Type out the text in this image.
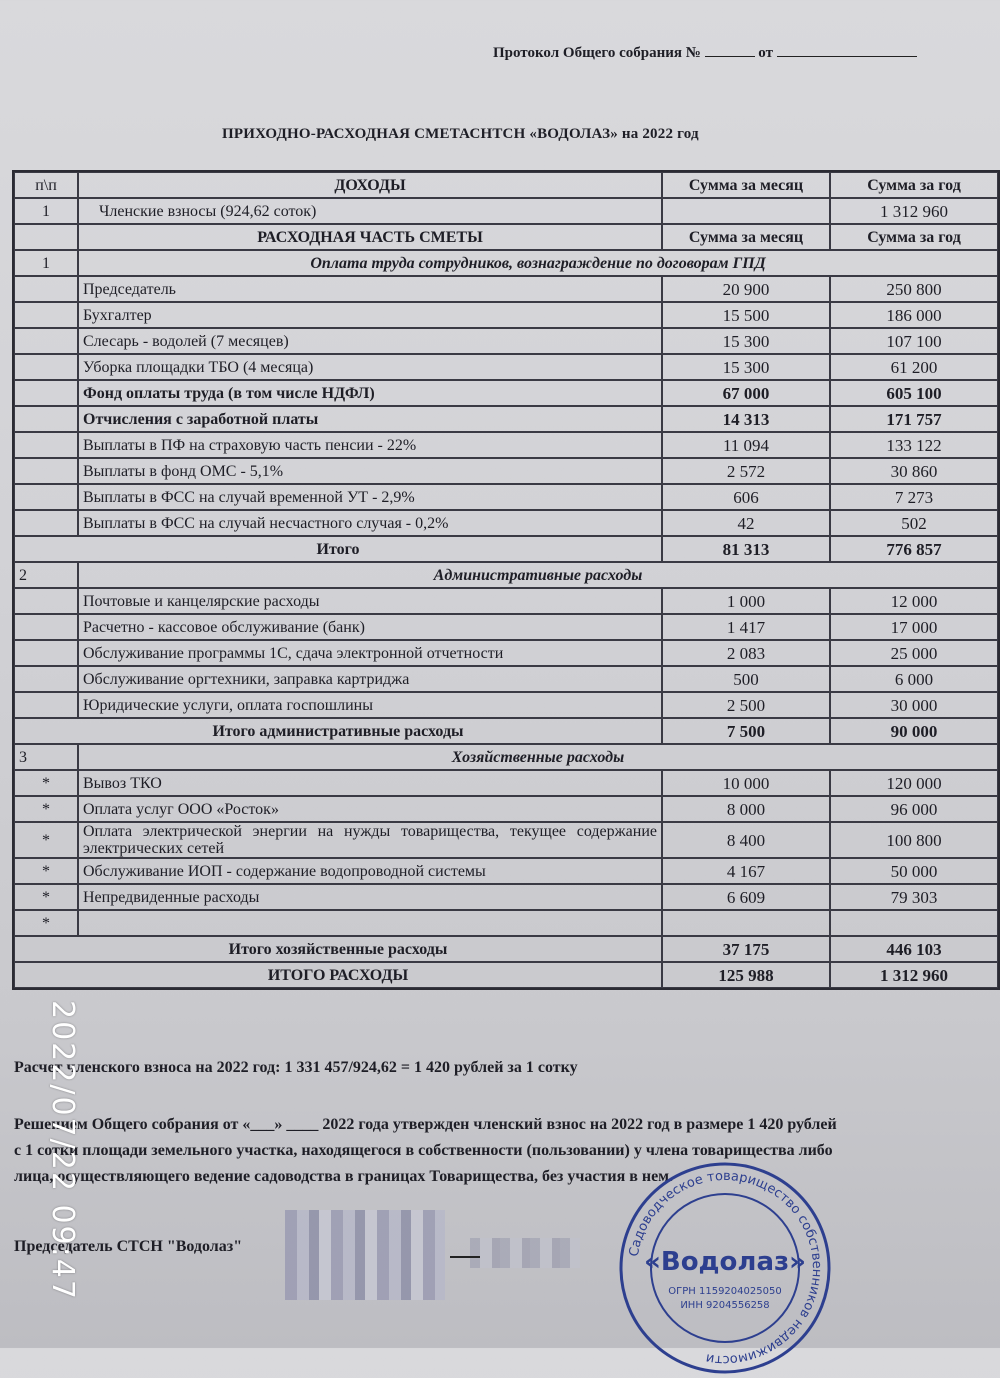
Протокол Общего собрания №	от
ПРИХОДНО-РАСХОДНАЯ СМЕТАСНТСН «ВОДОЛАЗ» на 2022 год
п\п	ДОХОДЫ	Сумма за месяц	Сумма за год
1	Членские взносы (924,62 соток)		1 312 960
	РАСХОДНАЯ ЧАСТЬ СМЕТЫ	Сумма за месяц	Сумма за год
1	Оплата труда сотрудников, вознаграждение по договорам ГПД		
	Председатель	20 900	250 800
	Бухгалтер	15 500	186 000
	Слесарь - водолей (7 месяцев)	15 300	107 100
	Уборка площадки ТБО (4 месяца)	15 300	61 200
	Фонд оплаты труда (в том числе НДФЛ)	67 000	605 100
	Отчисления с заработной платы	14 313	171 757
	Выплаты в ПФ на страховую часть пенсии - 22%	11 094	133 122
	Выплаты в фонд ОМС - 5,1%	2 572	30 860
	Выплаты в ФСС на случай временной УТ - 2,9%	606	7 273
	Выплаты в ФСС на случай несчастного случая - 0,2%	42	502
Итого		81 313	776 857
2	Административные расходы		
	Почтовые и канцелярские расходы	1 000	12 000
	Расчетно - кассовое обслуживание (банк)	1 417	17 000
	Обслуживание программы 1С, сдача электронной отчетности	2 083	25 000
	Обслуживание оргтехники, заправка картриджа	500	6 000
	Юридические услуги, оплата госпошлины	2 500	30 000
Итого административные расходы		7 500	90 000
3	Хозяйственные расходы		
*	Вывоз ТКО	10 000	120 000
*	Оплата услуг ООО «Росток»	8 000	96 000
*	Оплата электрической энергии на нужды товарищества, текущее содержание электрических сетей	8 400	100 800
*	Обслуживание ИОП - содержание водопроводной системы	4 167	50 000
*	Непредвиденные расходы	6 609	79 303
*			
Итого хозяйственные расходы		37 175	446 103
ИТОГО РАСХОДЫ		125 988	1 312 960
Расчет членского взноса на 2022 год: 1 331 457/924,62 = 1 420 рублей за 1 сотку
Решением Общего собрания от «___» ____ 2022 года утвержден членский взнос на 2022 год в размере 1 420 рублей с 1 сотки площади земельного участка, находящегося в собственности (пользовании) у члена товарищества либо лица, осуществляющего ведение садоводства в границах Товарищества, без участия в нем.
Председатель СТСН "Водолаз"	Садоводческое товарищество собственников недвижимости
«Водолаз»
ОГРН 1159204025050
ИНН 9204556258
2022/07/22 09:47
